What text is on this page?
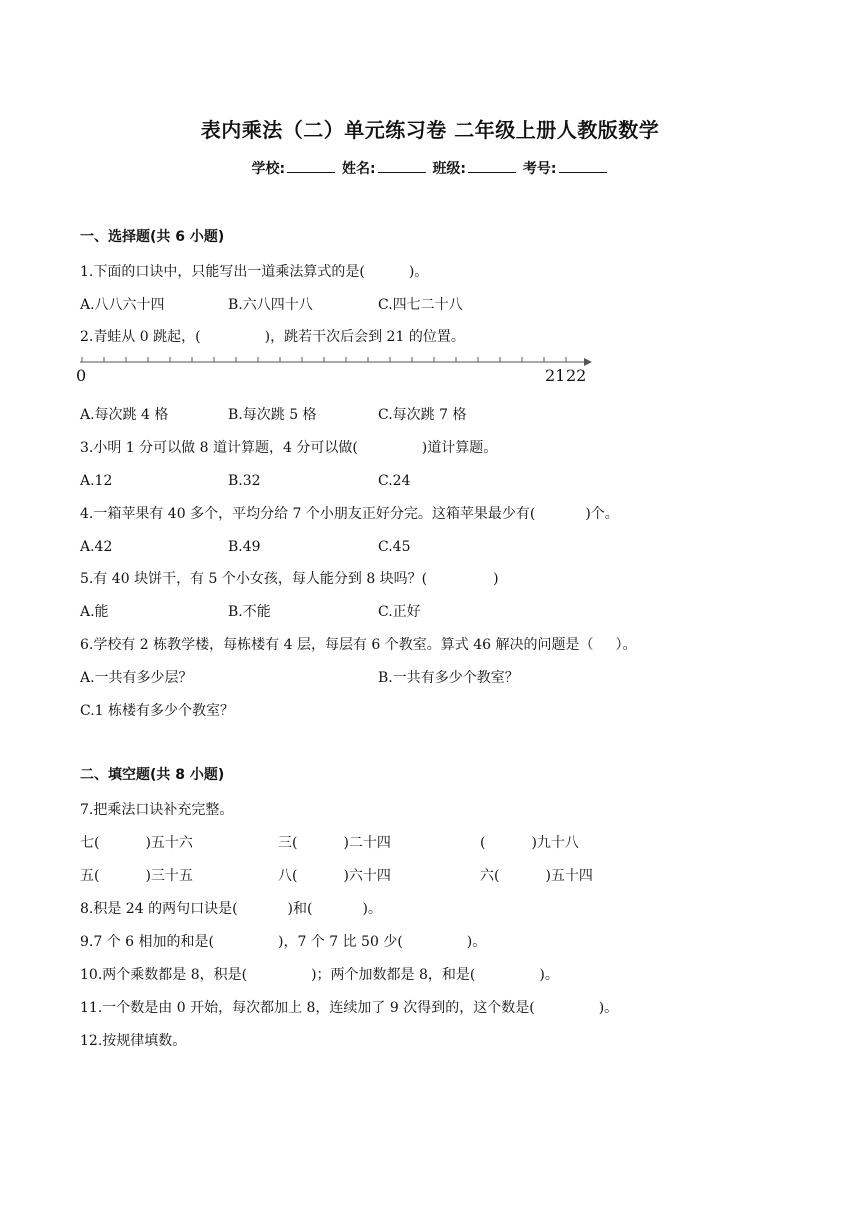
表内乘法（二）单元练习卷 二年级上册人教版数学
学校:	姓名:	班级:	考号:
一、选择题(共 6 小题)
1.下面的口诀中，只能写出一道乘法算式的是(	)。
A.八八六十四	B.六八四十八	C.四七二十八
2.青蛙从 0 跳起，(	)，跳若干次后会到 21 的位置。
0	21 22
A.每次跳 4 格	B.每次跳 5 格	C.每次跳 7 格
3.小明 1 分可以做 8 道计算题，4 分可以做(	)道计算题。
A.12	B.32	C.24
4.一箱苹果有 40 多个，平均分给 7 个小朋友正好分完。这箱苹果最少有(	)个。
A.42	B.49	C.45
5.有 40 块饼干，有 5 个小女孩，每人能分到 8 块吗？(	)
A.能	B.不能	C.正好
6.学校有 2 栋教学楼，每栋楼有 4 层，每层有 6 个教室。算式 46 解决的问题是（ ）。
A.一共有多少层？	B.一共有多少个教室？
C.1 栋楼有多少个教室？
二、填空题(共 8 小题)
7.把乘法口诀补充完整。
七(	)五十六	三(	)二十四	(	)九十八
五(	)三十五	八(	)六十四	六(	)五十四
8.积是 24 的两句口诀是(	)和(	)。
9.7 个 6 相加的和是(	)，7 个 7 比 50 少(	)。
10.两个乘数都是 8，积是(	)；两个加数都是 8，和是(	)。
11.一个数是由 0 开始，每次都加上 8，连续加了 9 次得到的，这个数是(	)。
12.按规律填数。
